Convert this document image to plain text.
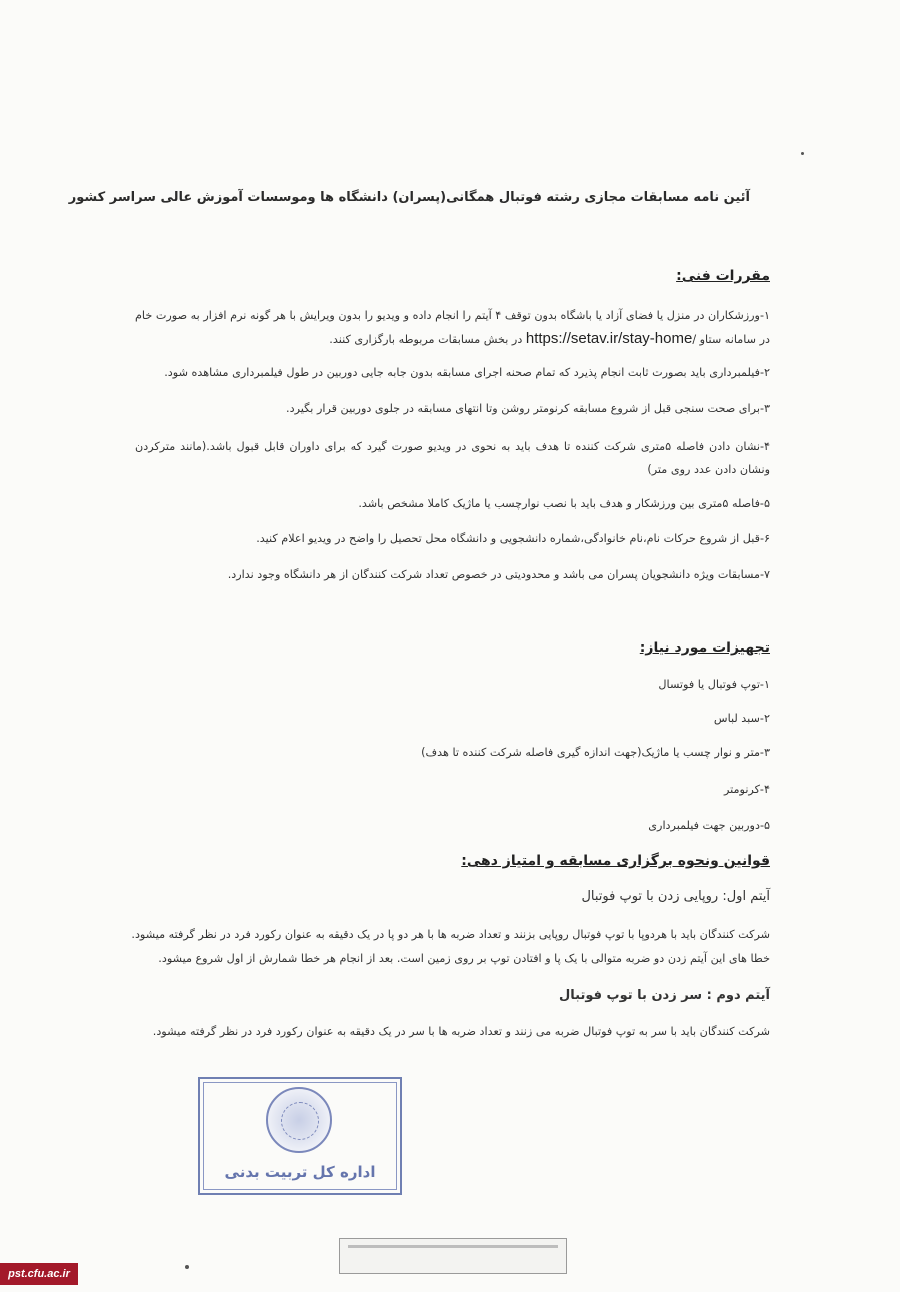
آئین نامه مسابقات مجازی رشته فوتبال همگانی(پسران) دانشگاه ها وموسسات آموزش عالی سراسر کشور
مقررات فنی:
۱-ورزشکاران در منزل یا فضای آزاد یا باشگاه بدون توقف ۴ آیتم را انجام داده و ویدیو را بدون ویرایش با هر گونه نرم افزار به صورت خام در سامانه ستاو /https://setav.ir/stay-home در بخش مسابقات مربوطه بارگزاری کنند.
۲-فیلمبرداری باید بصورت ثابت انجام پذیرد که تمام صحنه اجرای مسابقه بدون جابه جایی دوربین در طول فیلمبرداری مشاهده شود.
۳-برای صحت سنجی قبل از شروع مسابقه کرنومتر روشن وتا انتهای مسابقه در جلوی دوربین قرار بگیرد.
۴-نشان دادن فاصله ۵متری شرکت کننده تا هدف باید به نحوی در ویدیو صورت گیرد که برای داوران قابل قبول باشد.(مانند مترکردن ونشان دادن عدد روی متر)
۵-فاصله ۵متری بین ورزشکار و هدف باید با نصب نوارچسب یا ماژیک کاملا مشخص باشد.
۶-قبل از شروع حرکات نام،نام خانوادگی،شماره دانشجویی و دانشگاه محل تحصیل را واضح در ویدیو اعلام کنید.
۷-مسابقات ویژه دانشجویان پسران می باشد و محدودیتی در خصوص تعداد شرکت کنندگان از هر دانشگاه وجود ندارد.
تجهیزات مورد نیاز:
۱-توپ فوتبال یا فوتسال
۲-سبد لباس
۳-متر و نوار چسب یا ماژیک(جهت اندازه گیری فاصله شرکت کننده تا هدف)
۴-کرنومتر
۵-دوربین جهت فیلمبرداری
قوانین ونحوه برگزاری مسابقه و امتیاز دهی:
آیتم اول: روپایی زدن با توپ فوتبال
شرکت کنندگان باید با هردوپا با توپ فوتبال روپایی بزنند و تعداد ضربه ها با هر دو پا در یک دقیقه به عنوان رکورد فرد در نظر گرفته میشود.
خطا های این آیتم زدن دو ضربه متوالی با یک پا و افتادن توپ بر روی زمین است. بعد از انجام هر خطا شمارش از اول شروع میشود.
آیتم دوم : سر زدن با توپ فوتبال
شرکت کنندگان باید با سر به توپ فوتبال ضربه می زنند و تعداد ضربه ها با سر در یک دقیقه به عنوان رکورد فرد در نظر گرفته میشود.
اداره کل تربیت بدنی
pst.cfu.ac.ir
